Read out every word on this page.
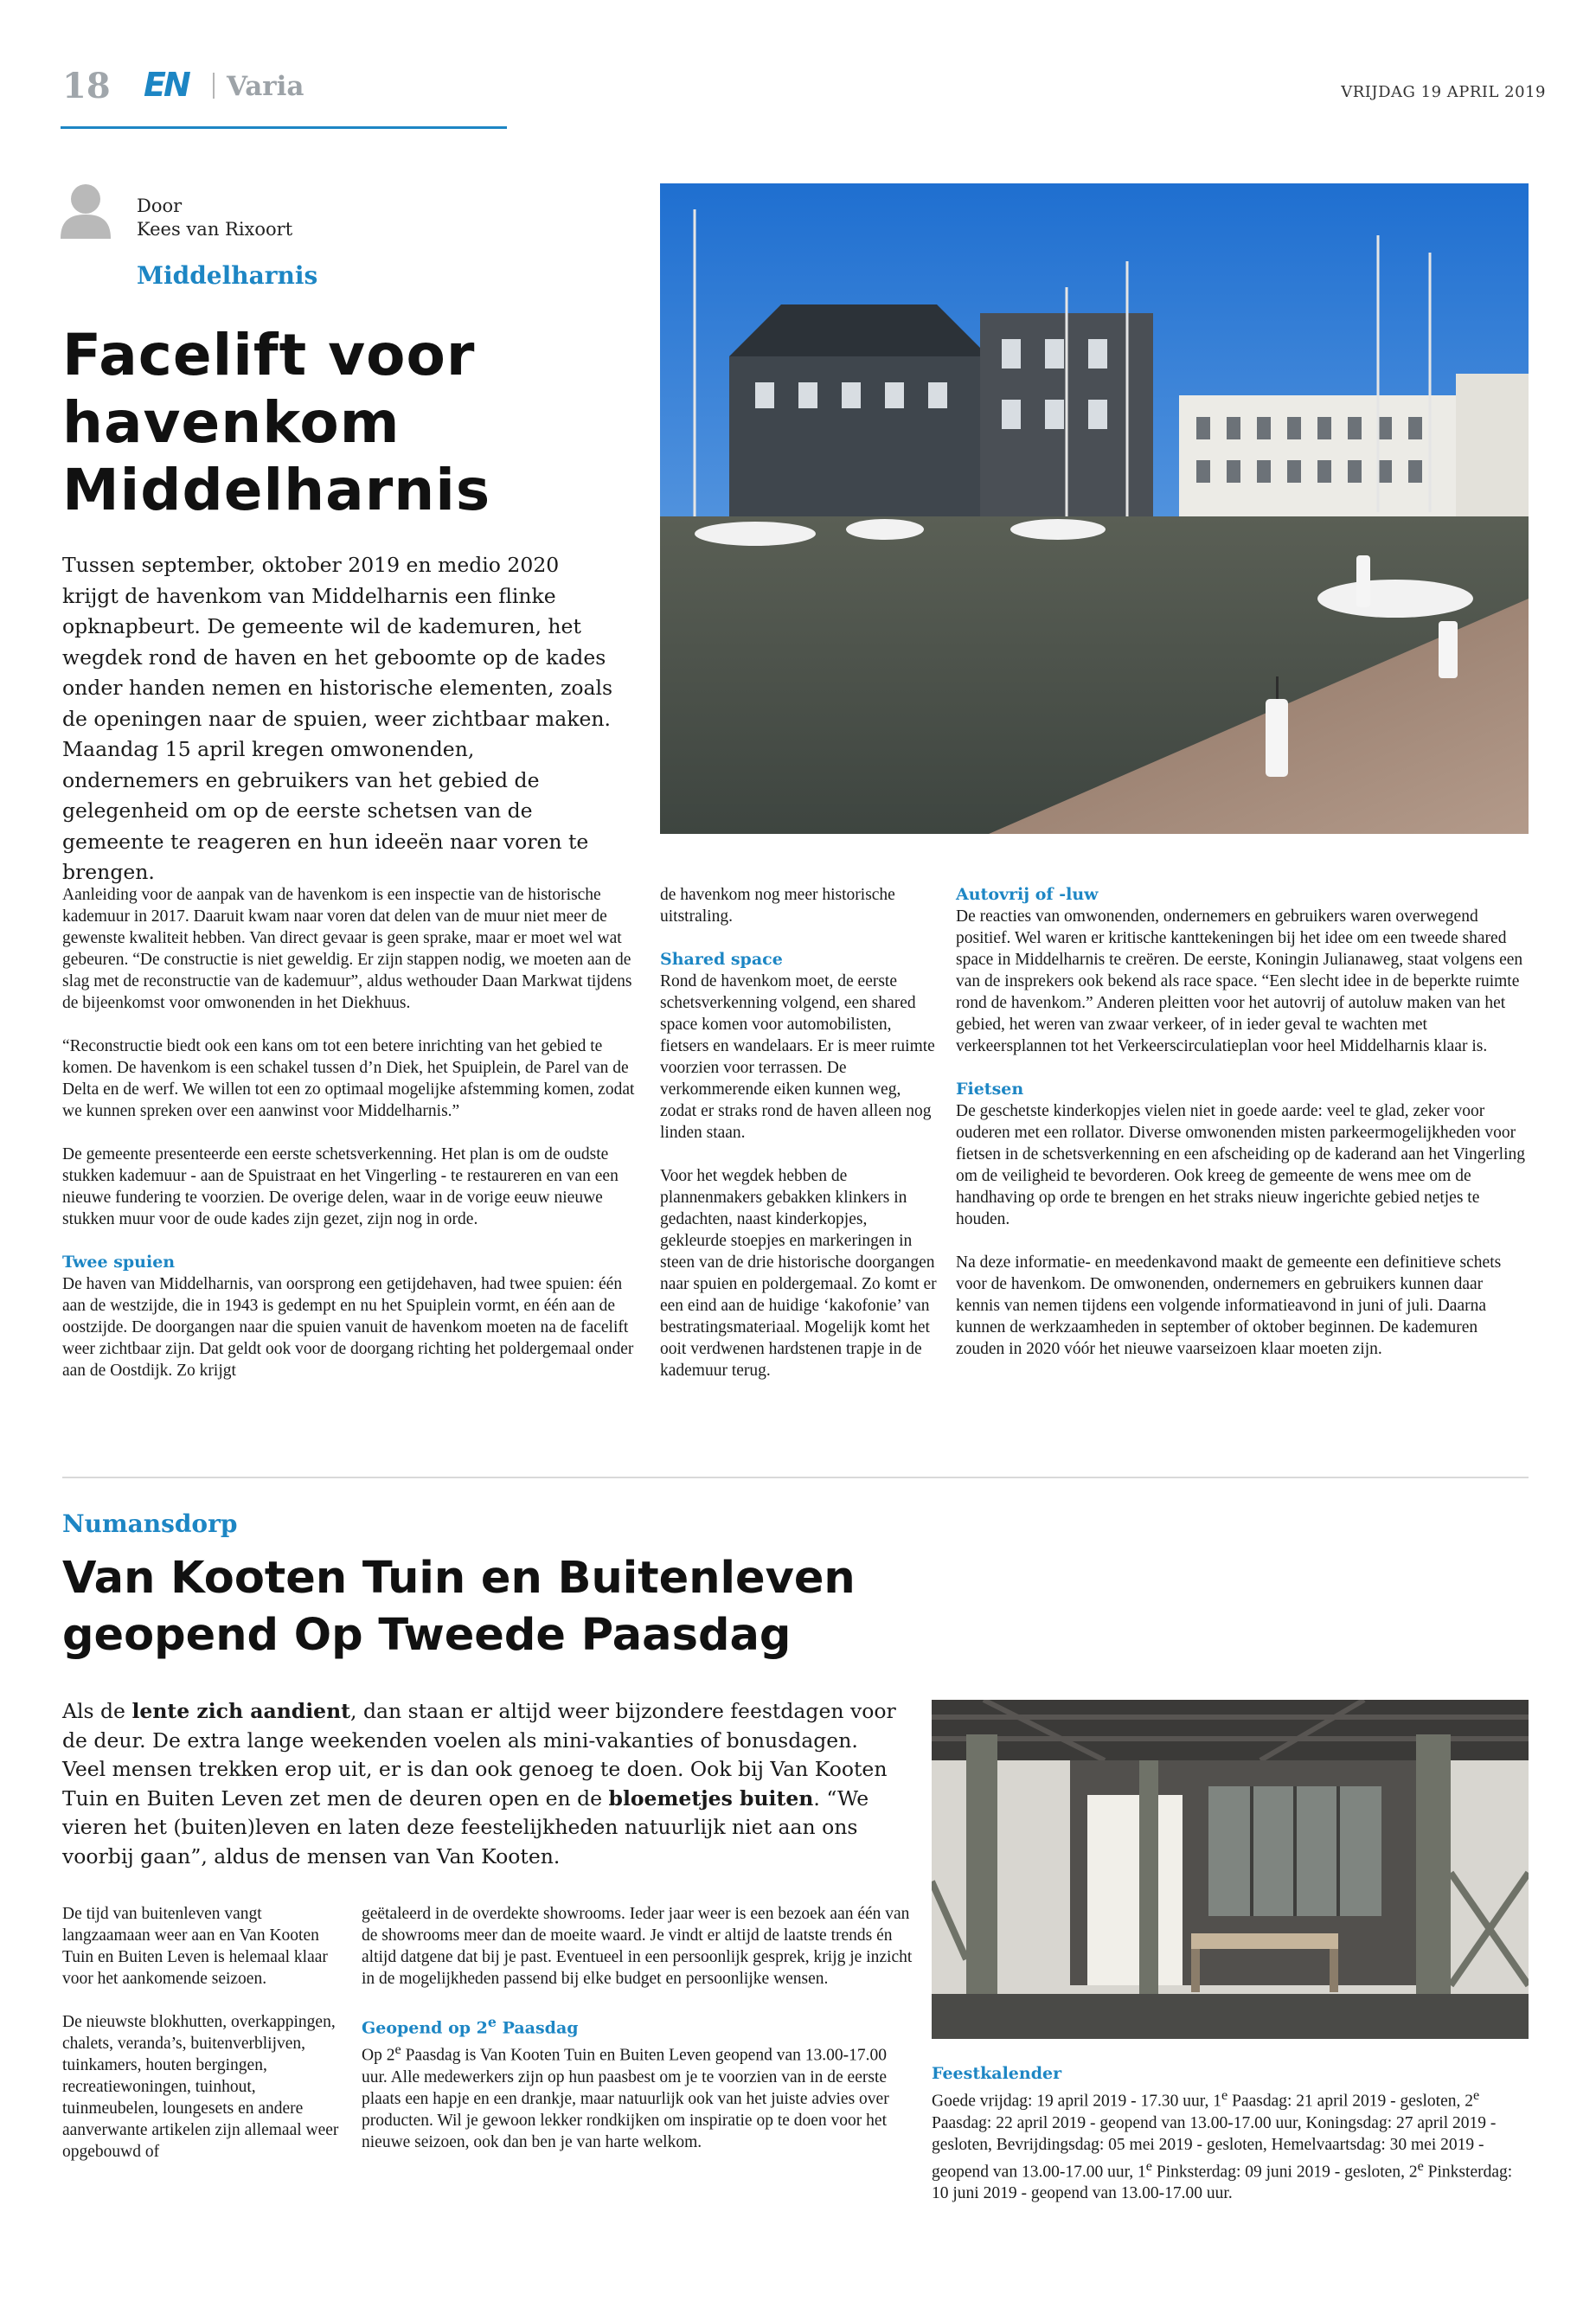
18 EN Varia	VRIJDAG 19 APRIL 2019
Door
Kees van Rixoort
Middelharnis
Facelift voor
havenkom
Middelharnis

Tussen september, oktober 2019 en medio 2020 krijgt de havenkom van Middelharnis een flinke opknapbeurt. De gemeente wil de kademuren, het wegdek rond de haven en het geboomte op de kades onder handen nemen en historische elementen, zoals de openingen naar de spuien, weer zichtbaar maken. Maandag 15 april kregen omwonenden, ondernemers en gebruikers van het gebied de gelegenheid om op de eerste schetsen van de gemeente te reageren en hun ideeën naar voren te brengen.

Aanleiding voor de aanpak van de havenkom is een inspectie van de historische kademuur in 2017. Daaruit kwam naar voren dat delen van de muur niet meer de gewenste kwaliteit hebben. Van direct gevaar is geen sprake, maar er moet wel wat gebeuren. “De constructie is niet geweldig. Er zijn stappen nodig, we moeten aan de slag met de reconstructie van de kademuur”, aldus wethouder Daan Markwat tijdens de bijeenkomst voor omwonenden in het Diekhuus.

“Reconstructie biedt ook een kans om tot een betere inrichting van het gebied te komen. De havenkom is een schakel tussen d’n Diek, het Spuiplein, de Parel van de Delta en de werf. We willen tot een zo optimaal mogelijke afstemming komen, zodat we kunnen spreken over een aanwinst voor Middelharnis.”

De gemeente presenteerde een eerste schetsverkenning. Het plan is om de oudste stukken kademuur - aan de Spuistraat en het Vingerling - te restaureren en van een nieuwe fundering te voorzien. De overige delen, waar in de vorige eeuw nieuwe stukken muur voor de oude kades zijn gezet, zijn nog in orde.

Twee spuien

De haven van Middelharnis, van oorsprong een getijdehaven, had twee spuien: één aan de westzijde, die in 1943 is gedempt en nu het Spuiplein vormt, en één aan de oostzijde. De doorgangen naar die spuien vanuit de havenkom moeten na de facelift weer zichtbaar zijn. Dat geldt ook voor de doorgang richting het poldergemaal onder aan de Oostdijk. Zo krijgt

de havenkom nog meer historische uitstraling.

Shared space

Rond de havenkom moet, de eerste schetsverkenning volgend, een shared space komen voor automobilisten, fietsers en wandelaars. Er is meer ruimte voorzien voor terrassen. De verkommerende eiken kunnen weg, zodat er straks rond de haven alleen nog linden staan.

Voor het wegdek hebben de plannenmakers gebakken klinkers in gedachten, naast kinderkopjes, gekleurde stoepjes en markeringen in steen van de drie historische doorgangen naar spuien en poldergemaal. Zo komt er een eind aan de huidige ‘kakofonie’ van bestratingsmateriaal. Mogelijk komt het ooit verdwenen hardstenen trapje in de kademuur terug.

Autovrij of -luw

De reacties van omwonenden, ondernemers en gebruikers waren overwegend positief. Wel waren er kritische kanttekeningen bij het idee om een tweede shared space in Middelharnis te creëren. De eerste, Koningin Julianaweg, staat volgens een van de insprekers ook bekend als race space. “Een slecht idee in de beperkte ruimte rond de havenkom.” Anderen pleitten voor het autovrij of autoluw maken van het gebied, het weren van zwaar verkeer, of in ieder geval te wachten met verkeersplannen tot het Verkeerscirculatieplan voor heel Middelharnis klaar is.

Fietsen

De geschetste kinderkopjes vielen niet in goede aarde: veel te glad, zeker voor ouderen met een rollator. Diverse omwonenden misten parkeermogelijkheden voor fietsen in de schetsverkenning en een afscheiding op de kaderand aan het Vingerling om de veiligheid te bevorderen. Ook kreeg de gemeente de wens mee om de handhaving op orde te brengen en het straks nieuw ingerichte gebied netjes te houden.

Na deze informatie- en meedenkavond maakt de gemeente een definitieve schets voor de havenkom. De omwonenden, ondernemers en gebruikers kunnen daar kennis van nemen tijdens een volgende informatieavond in juni of juli. Daarna kunnen de werkzaamheden in september of oktober beginnen. De kademuren zouden in 2020 vóór het nieuwe vaarseizoen klaar moeten zijn.

Numansdorp
Van Kooten Tuin en Buitenleven
geopend Op Tweede Paasdag

Als de lente zich aandient, dan staan er altijd weer bijzondere feestdagen voor de deur. De extra lange weekenden voelen als mini-vakanties of bonusdagen. Veel mensen trekken erop uit, er is dan ook genoeg te doen. Ook bij Van Kooten Tuin en Buiten Leven zet men de deuren open en de bloemetjes buiten. “We vieren het (buiten)leven en laten deze feestelijkheden natuurlijk niet aan ons voorbij gaan”, aldus de mensen van Van Kooten.

De tijd van buitenleven vangt langzaamaan weer aan en Van Kooten Tuin en Buiten Leven is helemaal klaar voor het aankomende seizoen.

De nieuwste blokhutten, overkappingen, chalets, veranda’s, buitenverblijven, tuinkamers, houten bergingen, recreatiewoningen, tuinhout, tuinmeubelen, loungesets en andere aanverwante artikelen zijn allemaal weer opgebouwd of

geëtaleerd in de overdekte showrooms. Ieder jaar weer is een bezoek aan één van de showrooms meer dan de moeite waard. Je vindt er altijd de laatste trends én altijd datgene dat bij je past. Eventueel in een persoonlijk gesprek, krijg je inzicht in de mogelijkheden passend bij elke budget en persoonlijke wensen.

Geopend op 2e Paasdag

Op 2e Paasdag is Van Kooten Tuin en Buiten Leven geopend van 13.00-17.00 uur. Alle medewerkers zijn op hun paasbest om je te voorzien van in de eerste plaats een hapje en een drankje, maar natuurlijk ook van het juiste advies over producten. Wil je gewoon lekker rondkijken om inspiratie op te doen voor het nieuwe seizoen, ook dan ben je van harte welkom.

Feestkalender

Goede vrijdag: 19 april 2019 - 17.30 uur, 1e Paasdag: 21 april 2019 - gesloten, 2e Paasdag: 22 april 2019 - geopend van 13.00-17.00 uur, Koningsdag: 27 april 2019 - gesloten, Bevrijdingsdag: 05 mei 2019 - gesloten, Hemelvaartsdag: 30 mei 2019 - geopend van 13.00-17.00 uur, 1e Pinksterdag: 09 juni 2019 - gesloten, 2e Pinksterdag: 10 juni 2019 - geopend van 13.00-17.00 uur.
